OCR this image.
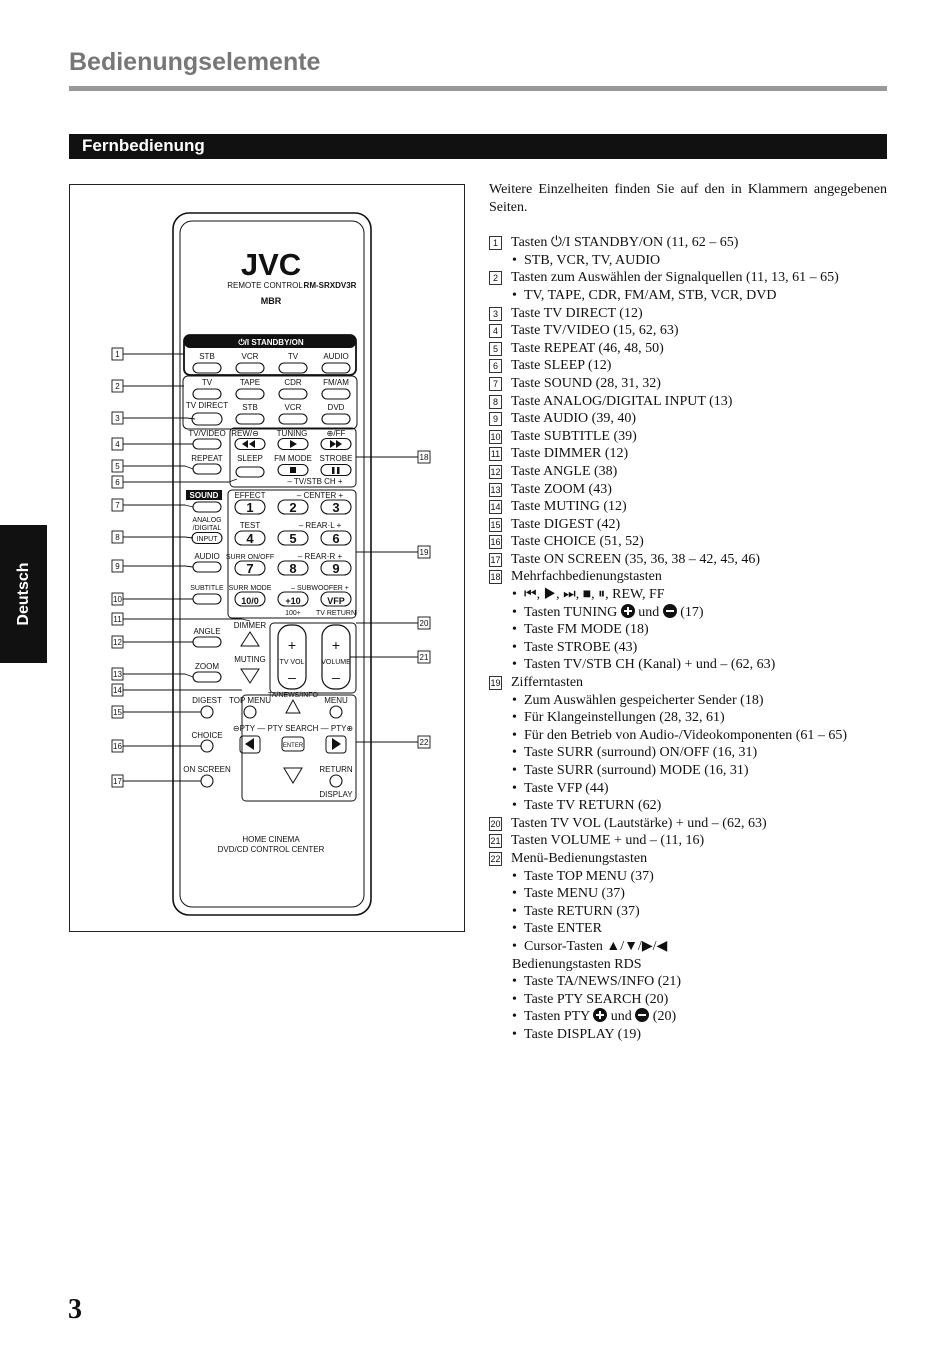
Bedienungselemente
Fernbedienung
Deutsch
JVC
REMOTE CONTROL RM-SRXDV3R
MBR
⏻/I STANDBY/ON
STB	VCR	TV	AUDIO
TV	TAPE	CDR	FM/AM
TV DIRECT STB	VCR	DVD
TV/VIDEO REW/⊖ TUNING ⊕/FF
REPEAT SLEEP FM MODE STROBE
– TV/STB CH +
SOUND
ANALOG
/DIGITAL
INPUT
AUDIO
SUBTITLE
EFFECT	– CENTER +
TEST	– REAR·L +
SURR ON/OFF	– REAR·R +
SURR MODE	– SUBWOOFER +
1	2	3
4	5	6
7	8	9
10/0	+10	VFP
100+ TV RETURN
ANGLE
DIMMER
ZOOM
MUTING
+
TV VOL
–
+
VOLUME
–
DIGEST TOP MENU
TA/NEWS/INFO
MENU
CHOICE
⊖PTY — PTY SEARCH — PTY⊕
ENTER
ON SCREEN	RETURN
DISPLAY
HOME CINEMA
DVD/CD CONTROL CENTER
1
2
3
4
5
6
7
8
9
10
11
12
13
14
15
16
17
18
19
20
21
22
Weitere Einzelheiten finden Sie auf den in Klammern angegebenen Seiten.
1 Tasten ⏻/I STANDBY/ON (11, 62 – 65)
• STB, VCR, TV, AUDIO
2 Tasten zum Auswählen der Signalquellen (11, 13, 61 – 65)
• TV, TAPE, CDR, FM/AM, STB, VCR, DVD
3 Taste TV DIRECT (12)
4 Taste TV/VIDEO (15, 62, 63)
5 Taste REPEAT (46, 48, 50)
6 Taste SLEEP (12)
7 Taste SOUND (28, 31, 32)
8 Taste ANALOG/DIGITAL INPUT (13)
9 Taste AUDIO (39, 40)
10 Taste SUBTITLE (39)
11 Taste DIMMER (12)
12 Taste ANGLE (38)
13 Taste ZOOM (43)
14 Taste MUTING (12)
15 Taste DIGEST (42)
16 Taste CHOICE (51, 52)
17 Taste ON SCREEN (35, 36, 38 – 42, 45, 46)
18 Mehrfachbedienungstasten
• ⏮, ▶, ⏭, ■, ⏸, REW, FF
• Tasten TUNING  und  (17)
• Taste FM MODE (18)
• Taste STROBE (43)
• Tasten TV/STB CH (Kanal) + und – (62, 63)
19 Zifferntasten
• Zum Auswählen gespeicherter Sender (18)
• Für Klangeinstellungen (28, 32, 61)
• Für den Betrieb von Audio-/Videokomponenten (61 – 65)
• Taste SURR (surround) ON/OFF (16, 31)
• Taste SURR (surround) MODE (16, 31)
• Taste VFP (44)
• Taste TV RETURN (62)
20 Tasten TV VOL (Lautstärke) + und – (62, 63)
21 Tasten VOLUME + und – (11, 16)
22 Menü-Bedienungstasten
• Taste TOP MENU (37)
• Taste MENU (37)
• Taste RETURN (37)
• Taste ENTER
• Cursor-Tasten ▲/▼/▶/◀
Bedienungstasten RDS
• Taste TA/NEWS/INFO (21)
• Taste PTY SEARCH (20)
• Tasten PTY  und  (20)
• Taste DISPLAY (19)
3
